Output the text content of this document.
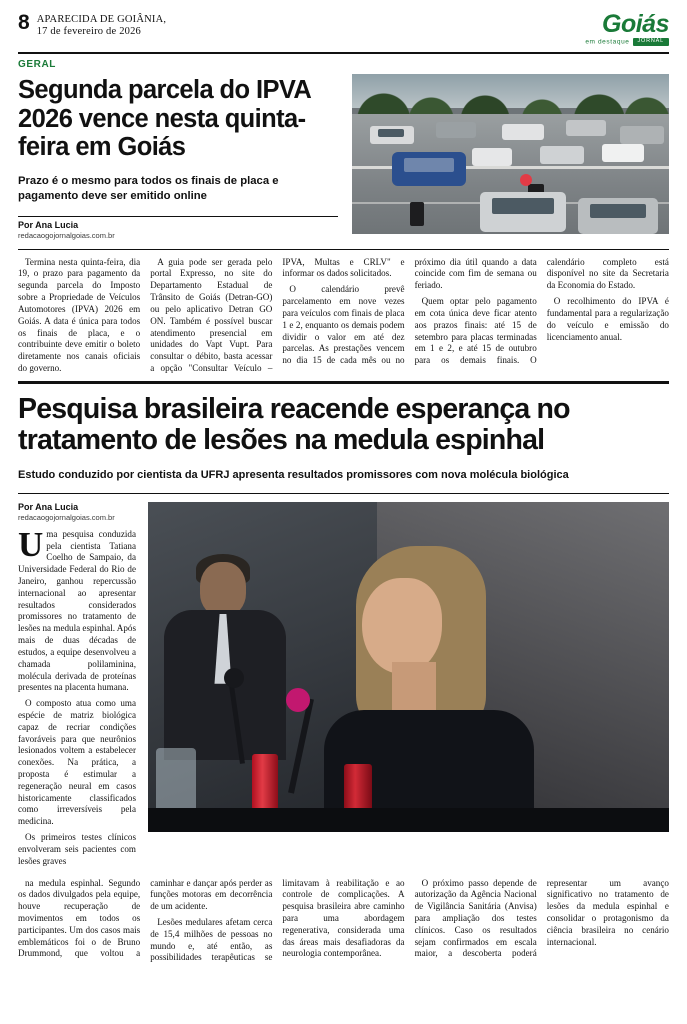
8 APARECIDA DE GOIÂNIA,
17 de fevereiro de 2026	Goiás
em destaque JORNAL
GERAL
Segunda parcela do IPVA 2026 vence nesta quinta-feira em Goiás
Prazo é o mesmo para todos os finais de placa e pagamento deve ser emitido online
Por Ana Lucia
redacaogojornalgoias.com.br

Termina nesta quinta-feira, dia 19, o prazo para pagamento da segunda parcela do Imposto sobre a Propriedade de Veículos Automotores (IPVA) 2026 em Goiás. A data é única para todos os finais de placa, e o contribuinte deve emitir o boleto diretamente nos canais oficiais do governo.

A guia pode ser gerada pelo portal Expresso, no site do Departamento Estadual de Trânsito de Goiás (Detran-GO) ou pelo aplicativo Detran GO ON. Também é possível buscar atendimento presencial em unidades do Vapt Vupt. Para consultar o débito, basta acessar a opção "Consultar Veículo – IPVA, Multas e CRLV" e informar os dados solicitados.

O calendário prevê parcelamento em nove vezes para veículos com finais de placa 1 e 2, enquanto os demais podem dividir o valor em até dez parcelas. As prestações vencem no dia 15 de cada mês ou no próximo dia útil quando a data coincide com fim de semana ou feriado.

Quem optar pelo pagamento em cota única deve ficar atento aos prazos finais: até 15 de setembro para placas terminadas em 1 e 2, e até 15 de outubro para os demais finais. O calendário completo está disponível no site da Secretaria da Economia do Estado.

O recolhimento do IPVA é fundamental para a regularização do veículo e emissão do licenciamento anual.

Pesquisa brasileira reacende esperança no tratamento de lesões na medula espinhal
Estudo conduzido por cientista da UFRJ apresenta resultados promissores com nova molécula biológica
Por Ana Lucia
redacaogojornalgoias.com.br

Uma pesquisa conduzida pela cientista Tatiana Coelho de Sampaio, da Universidade Federal do Rio de Janeiro, ganhou repercussão internacional ao apresentar resultados considerados promissores no tratamento de lesões na medula espinhal. Após mais de duas décadas de estudos, a equipe desenvolveu a chamada polilaminina, molécula derivada de proteínas presentes na placenta humana.

O composto atua como uma espécie de matriz biológica capaz de recriar condições favoráveis para que neurônios lesionados voltem a estabelecer conexões. Na prática, a proposta é estimular a regeneração neural em casos historicamente classificados como irreversíveis pela medicina.

Os primeiros testes clínicos envolveram seis pacientes com lesões graves

na medula espinhal. Segundo os dados divulgados pela equipe, houve recuperação de movimentos em todos os participantes. Um dos casos mais emblemáticos foi o de Bruno Drummond, que voltou a caminhar e dançar após perder as funções motoras em decorrência de um acidente.

Lesões medulares afetam cerca de 15,4 milhões de pessoas no mundo e, até então, as possibilidades terapêuticas se limitavam à reabilitação e ao controle de complicações. A pesquisa brasileira abre caminho para uma abordagem regenerativa, considerada uma das áreas mais desafiadoras da neurologia contemporânea.

O próximo passo depende de autorização da Agência Nacional de Vigilância Sanitária (Anvisa) para ampliação dos testes clínicos. Caso os resultados sejam confirmados em escala maior, a descoberta poderá representar um avanço significativo no tratamento de lesões da medula espinhal e consolidar o protagonismo da ciência brasileira no cenário internacional.
